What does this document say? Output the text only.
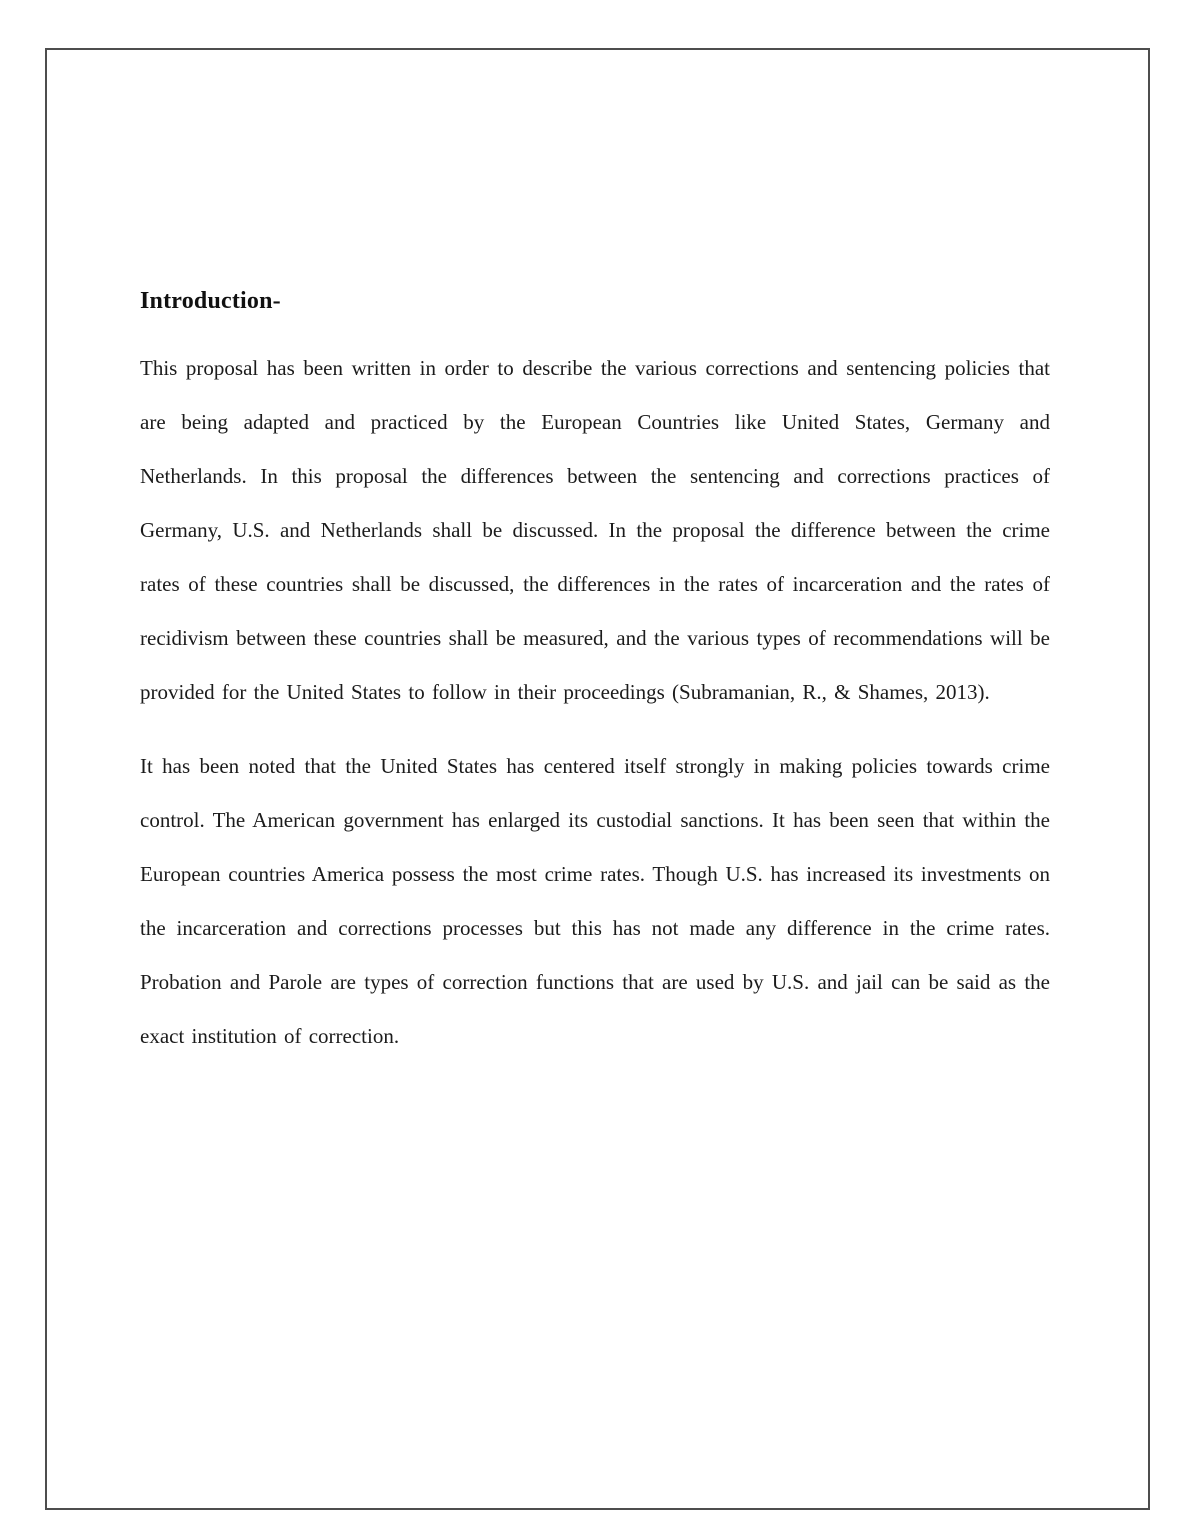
Introduction-

This proposal has been written in order to describe the various corrections and sentencing policies that are being adapted and practiced by the European Countries like United States, Germany and Netherlands. In this proposal the differences between the sentencing and corrections practices of Germany, U.S. and Netherlands shall be discussed. In the proposal the difference between the crime rates of these countries shall be discussed, the differences in the rates of incarceration and the rates of recidivism between these countries shall be measured, and the various types of recommendations will be provided for the United States to follow in their proceedings (Subramanian, R., & Shames, 2013).

It has been noted that the United States has centered itself strongly in making policies towards crime control. The American government has enlarged its custodial sanctions. It has been seen that within the European countries America possess the most crime rates. Though U.S. has increased its investments on the incarceration and corrections processes but this has not made any difference in the crime rates. Probation and Parole are types of correction functions that are used by U.S. and jail can be said as the exact institution of correction.
